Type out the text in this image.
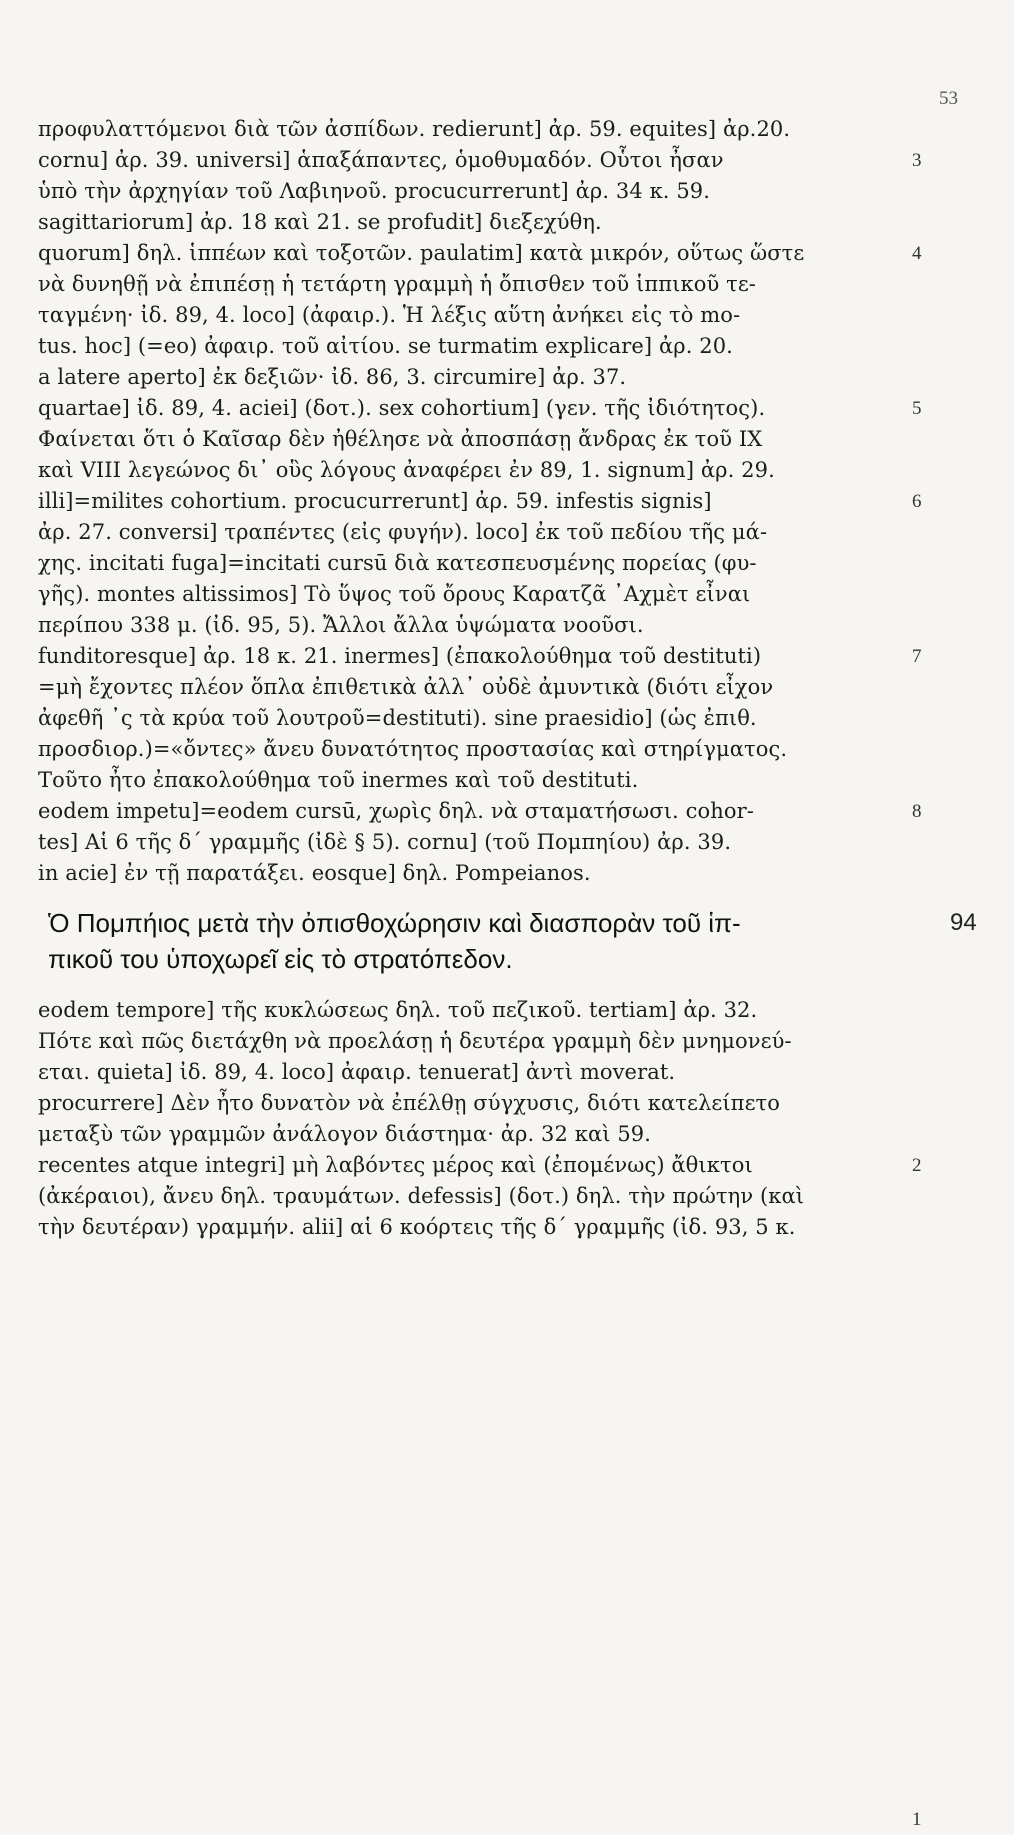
53
προφυλαττόμενοι διὰ τῶν ἀσπίδων. redierunt] ἀρ. 59. equites] ἀρ.20.
cornu] ἀρ. 39. universi] ἁπαξάπαντες, ὁμοθυμαδόν. Οὗτοι ἦσαν	3
ὑπὸ τὴν ἀρχηγίαν τοῦ Λαβιηνοῦ. procucurrerunt] ἀρ. 34 κ. 59.
sagittariorum] ἀρ. 18 καὶ 21. se profudit] διεξεχύθη.
quorum] δηλ. ἱππέων καὶ τοξοτῶν. paulatim] κατὰ μικρόν, οὕτως ὥστε	4
νὰ δυνηθῇ νὰ ἐπιπέσῃ ἡ τετάρτη γραμμὴ ἡ ὄπισθεν τοῦ ἱππικοῦ τε-
ταγμένη· ἰδ. 89, 4. loco] (ἀφαιρ.). Ἡ λέξις αὕτη ἀνήκει εἰς τὸ mo-
tus. hoc] (=eo) ἀφαιρ. τοῦ αἰτίου. se turmatim explicare] ἀρ. 20.
a latere aperto] ἐκ δεξιῶν· ἰδ. 86, 3. circumire] ἀρ. 37.
quartae] ἰδ. 89, 4. aciei] (δοτ.). sex cohortium] (γεν. τῆς ἰδιότητος).	5
Φαίνεται ὅτι ὁ Καῖσαρ δὲν ἠθέλησε νὰ ἀποσπάσῃ ἄνδρας ἐκ τοῦ IX
καὶ VIII λεγεώνος δι᾽ οὓς λόγους ἀναφέρει ἐν 89, 1. signum] ἀρ. 29.
illi]=milites cohortium. procucurrerunt] ἀρ. 59. infestis signis]	6
ἀρ. 27. conversi] τραπέντες (εἰς φυγήν). loco] ἐκ τοῦ πεδίου τῆς μά-
χης. incitati fuga]=incitati cursū διὰ κατεσπευσμένης πορείας (φυ-
γῆς). montes altissimos] Τὸ ὕψος τοῦ ὄρους Καρατζᾶ ᾿Αχμὲτ εἶναι
περίπου 338 μ. (ἰδ. 95, 5). Ἄλλοι ἄλλα ὑψώματα νοοῦσι.
funditoresque] ἀρ. 18 κ. 21. inermes] (ἐπακολούθημα τοῦ destituti)	7
=μὴ ἔχοντες πλέον ὅπλα ἐπιθετικὰ ἀλλ᾽ οὐδὲ ἀμυντικὰ (διότι εἶχον
ἀφεθῆ ᾽ς τὰ κρύα τοῦ λουτροῦ=destituti). sine praesidio] (ὡς ἐπιθ.
προσδιορ.)=«ὄντες» ἄνευ δυνατότητος προστασίας καὶ στηρίγματος.
Τοῦτο ἦτο ἐπακολούθημα τοῦ inermes καὶ τοῦ destituti.
eodem impetu]=eodem cursū, χωρὶς δηλ. νὰ σταματήσωσι. cohor-	8
tes] Αἱ 6 τῆς δ΄ γραμμῆς (ἰδὲ § 5). cornu] (τοῦ Πομπηίου) ἀρ. 39.
in acie] ἐν τῇ παρατάξει. eosque] δηλ. Pompeianos.
Ὁ Πομπήιος μετὰ τὴν ὀπισθοχώρησιν καὶ διασπορὰν τοῦ ἱπ-
πικοῦ του ὑποχωρεῖ εἰς τὸ στρατόπεδον.
94
eodem tempore] τῆς κυκλώσεως δηλ. τοῦ πεζικοῦ. tertiam] ἀρ. 32.
1
Πότε καὶ πῶς διετάχθη νὰ προελάσῃ ἡ δευτέρα γραμμὴ δὲν μνημονεύ-
εται. quieta] ἰδ. 89, 4. loco] ἀφαιρ. tenuerat] ἀντὶ moverat.
procurrere] Δὲν ἦτο δυνατὸν νὰ ἐπέλθῃ σύγχυσις, διότι κατελείπετο
μεταξὺ τῶν γραμμῶν ἀνάλογον διάστημα· ἀρ. 32 καὶ 59.
recentes atque integri] μὴ λαβόντες μέρος καὶ (ἐπομένως) ἄθικτοι	2
(ἀκέραιοι), ἄνευ δηλ. τραυμάτων. defessis] (δοτ.) δηλ. τὴν πρώτην (καὶ
τὴν δευτέραν) γραμμήν. alii] αἱ 6 κοόρτεις τῆς δ΄ γραμμῆς (ἰδ. 93, 5 κ.
